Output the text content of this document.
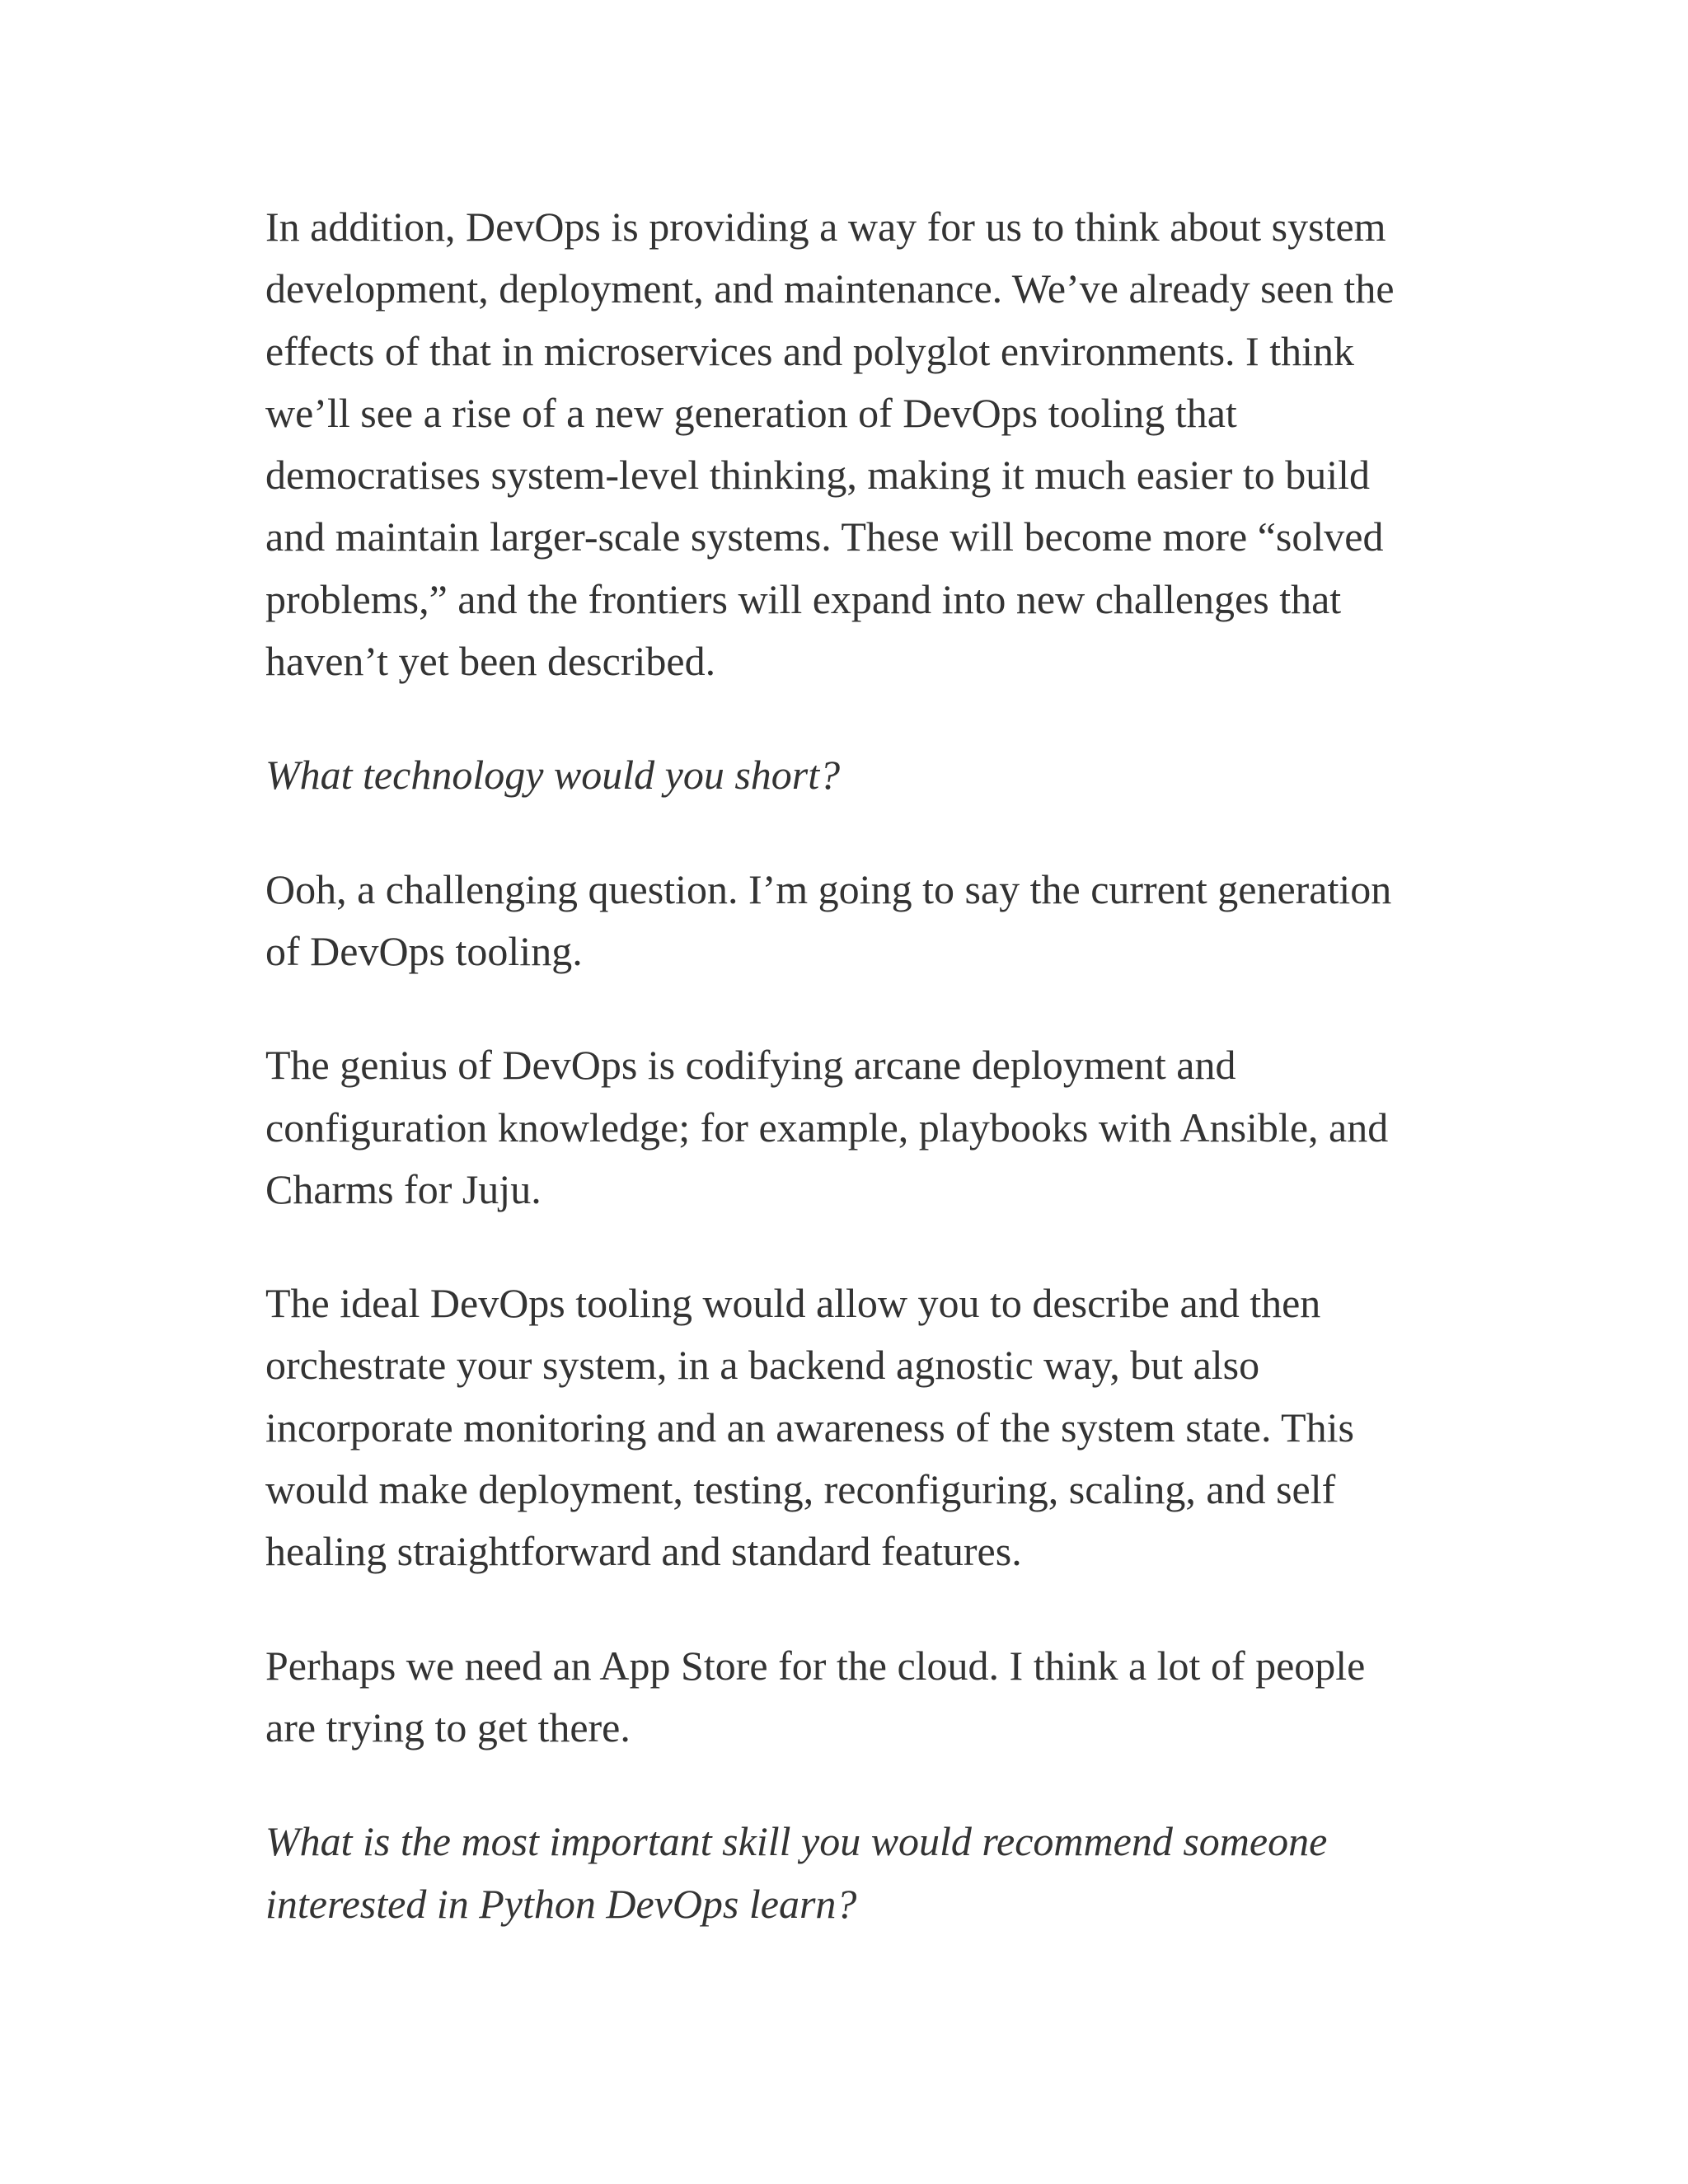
In addition, DevOps is providing a way for us to think about system
development, deployment, and maintenance. We’ve already seen the
effects of that in microservices and polyglot environments. I think
we’ll see a rise of a new generation of DevOps tooling that
democratises system-level thinking, making it much easier to build
and maintain larger-scale systems. These will become more “solved
problems,” and the frontiers will expand into new challenges that
haven’t yet been described.

What technology would you short?

Ooh, a challenging question. I’m going to say the current generation
of DevOps tooling.

The genius of DevOps is codifying arcane deployment and
configuration knowledge; for example, playbooks with Ansible, and
Charms for Juju.

The ideal DevOps tooling would allow you to describe and then
orchestrate your system, in a backend agnostic way, but also
incorporate monitoring and an awareness of the system state. This
would make deployment, testing, reconfiguring, scaling, and self
healing straightforward and standard features.

Perhaps we need an App Store for the cloud. I think a lot of people
are trying to get there.

What is the most important skill you would recommend someone
interested in Python DevOps learn?
